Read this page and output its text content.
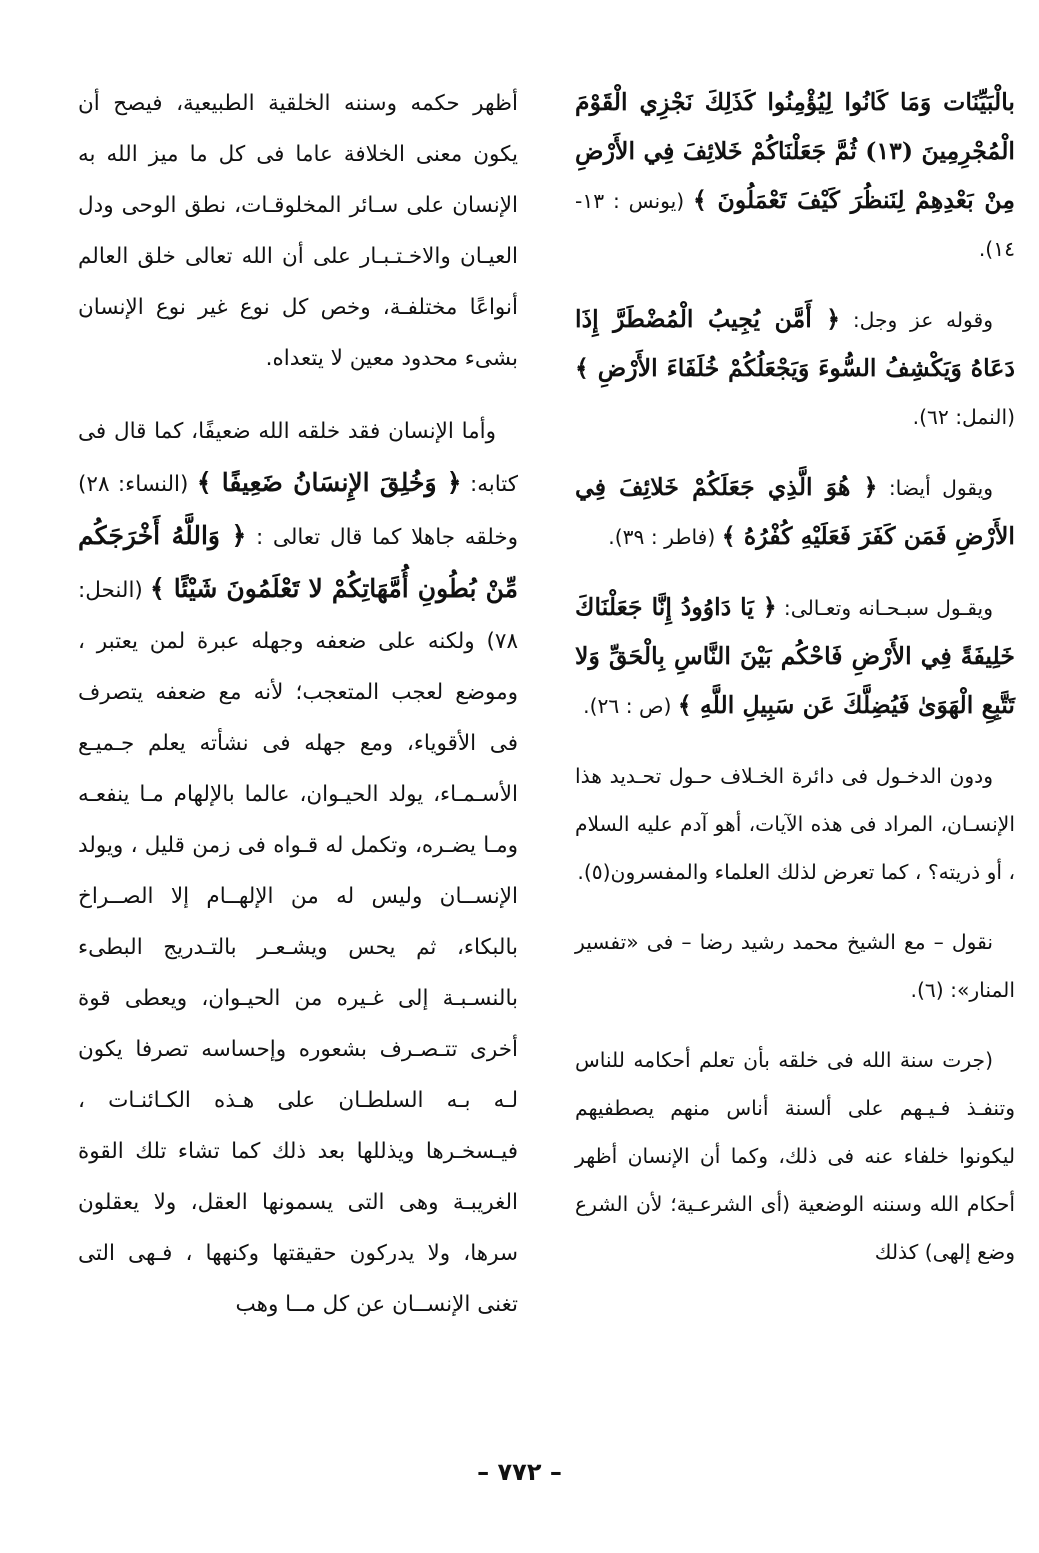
بالْبَيِّنَات وَمَا كَانُوا لِيُؤْمِنُوا كَذَلِكَ نَجْزِي الْقَوْمَ الْمُجْرِمِينَ (١٣) ثُمَّ جَعَلْنَاكُمْ خَلائِفَ فِي الأَرْضِ مِنْ بَعْدِهِمْ لِنَنظُرَ كَيْفَ تَعْمَلُونَ ﴾ (يونس : ١٣- ١٤).

وقوله عز وجل: ﴿ أَمَّن يُجِيبُ الْمُضْطَرَّ إِذَا دَعَاهُ وَيَكْشِفُ السُّوءَ وَيَجْعَلُكُمْ خُلَفَاءَ الأَرْضِ ﴾ (النمل: ٦٢).

ويقول أيضا: ﴿ هُوَ الَّذِي جَعَلَكُمْ خَلائِفَ فِي الأَرْضِ فَمَن كَفَرَ فَعَلَيْهِ كُفْرُهُ ﴾ (فاطر : ٣٩).

ويقـول سبـحـانه وتعـالى: ﴿ يَا دَاوُودُ إِنَّا جَعَلْنَاكَ خَلِيفَةً فِي الأَرْضِ فَاحْكُم بَيْنَ النَّاسِ بِالْحَقِّ وَلا تَتَّبِعِ الْهَوَىٰ فَيُضِلَّكَ عَن سَبِيلِ اللَّهِ ﴾ (ص : ٢٦).

ودون الدخـول فى دائرة الخـلاف حـول تحـديد هذا الإنسـان، المراد فى هذه الآيات، أهو آدم عليه السلام ، أو ذريته؟ ، كما تعرض لذلك العلماء والمفسرون(٥).

نقول – مع الشيخ محمد رشيد رضا – فى «تفسير المنار»: (٦).

(جرت سنة الله فى خلقه بأن تعلم أحكامه للناس وتنفـذ فـيـهم على ألسنة أناس منهم يصطفيهم ليكونوا خلفاء عنه فى ذلك، وكما أن الإنسان أظهر أحكام الله وسننه الوضعية (أى الشرعـية؛ لأن الشرع وضع إلهى) كذلك

أظهر حكمه وسننه الخلقية الطبيعية، فيصح أن يكون معنى الخلافة عاما فى كل ما ميز الله به الإنسان على سـائر المخلوقـات، نطق الوحى ودل العيـان والاخـتـبـار على أن الله تعالى خلق العالم أنواعًا مختلفـة، وخص كل نوع غير نوع الإنسان بشىء محدود معين لا يتعداه.

وأما الإنسان فقد خلقه الله ضعيفًا، كما قال فى كتابه: ﴿ وَخُلِقَ الإِنسَانُ ضَعِيفًا ﴾ (النساء: ٢٨) وخلقه جاهلا كما قال تعالى : ﴿ وَاللَّهُ أَخْرَجَكُم مِّنْ بُطُونِ أُمَّهَاتِكُمْ لا تَعْلَمُونَ شَيْئًا ﴾ (النحل: ٧٨) ولكنه على ضعفه وجهله عبرة لمن يعتبر ، وموضع لعجب المتعجب؛ لأنه مع ضعفه يتصرف فى الأقوياء، ومع جهله فى نشأته يعلم جـميـع الأسـمـاء، يولد الحيـوان، عالما بالإلهام مـا ينفعـه ومـا يضـره، وتكمل له قـواه فى زمن قليل ، ويولد الإنســان وليس له من الإلهــام إلا الصــراخ بالبكاء، ثم يحس ويشـعـر بالتـدريج البطىء بالنسـبـة إلى غـيره من الحيـوان، ويعطى قوة أخرى تتـصـرف بشعوره وإحساسه تصرفا يكون لـه بـه السلطـان على هـذه الكـائنـات ، فيـسخـرها ويذللها بعد ذلك كما تشاء تلك القوة الغريبـة وهى التى يسمونها العقل، ولا يعقلون سرها، ولا يدركون حقيقتها وكنهها ، فـهى التى تغنى الإنســان عن كل مــا وهب

– ٧٧٢ –
